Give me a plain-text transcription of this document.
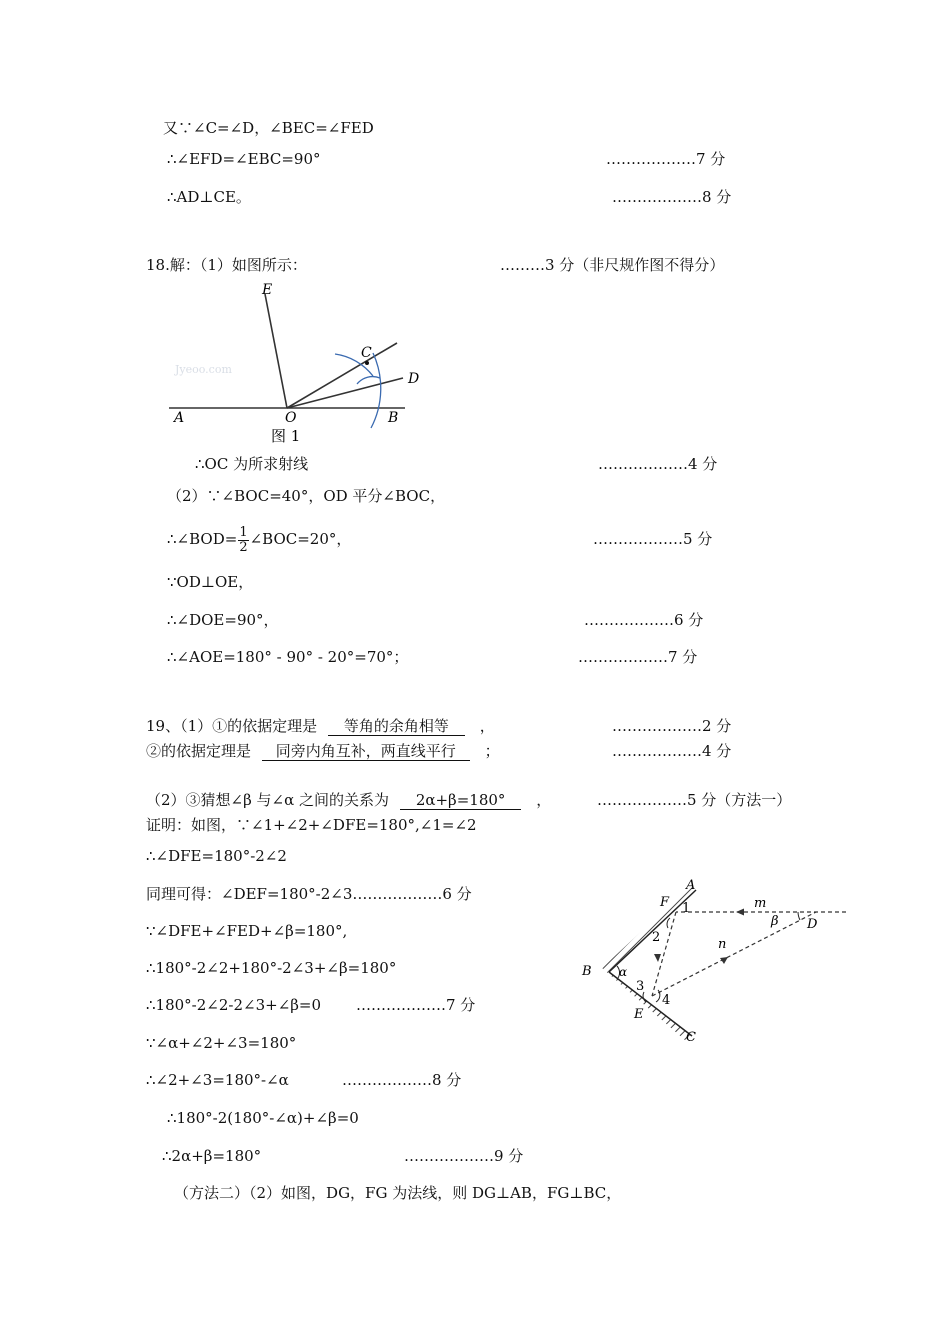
又∵∠C=∠D，∠BEC=∠FED
∴∠EFD=∠EBC=90°	………………7 分
∴AD⊥CE。	………………8 分
18.解：（1）如图所示：	………3 分（非尺规作图不得分）
Jyeoo.com
E
C
D
A	O	B
图 1
∴OC 为所求射线	………………4 分
（2）∵∠BOC=40°，OD 平分∠BOC，
∴∠BOD= $\frac{1}{2}$ ∠BOC=20°，	………………5 分
∵OD⊥OE，
∴∠DOE=90°，	………………6 分
∴∠AOE=180° - 90° - 20°=70°；	………………7 分
19、（1）①的依据定理是 等角的余角相等 ，	………………2 分
②的依据定理是 同旁内角互补，两直线平行 ；	………………4 分
（2）③猜想∠β 与∠α 之间的关系为 2α+β=180° ，	………………5 分（方法一）
证明：如图，∵∠1+∠2+∠DFE=180°,∠1=∠2
∴∠DFE=180°-2∠2
同理可得：∠DEF=180°-2∠3………………6 分
∵∠DFE+∠FED+∠β=180°,
∴180°-2∠2+180°-2∠3+∠β=180°
∴180°-2∠2-2∠3+∠β=0 ………………7 分
∵∠α+∠2+∠3=180°
∴∠2+∠3=180°-∠α	………………8 分
∴180°-2(180°-∠α)+∠β=0
∴2α+β=180°	………………9 分
（方法二）（2）如图，DG，FG 为法线，则 DG⊥AB，FG⊥BC，
A
F 1	m
β D
2	n
B α
3
4
E
C
